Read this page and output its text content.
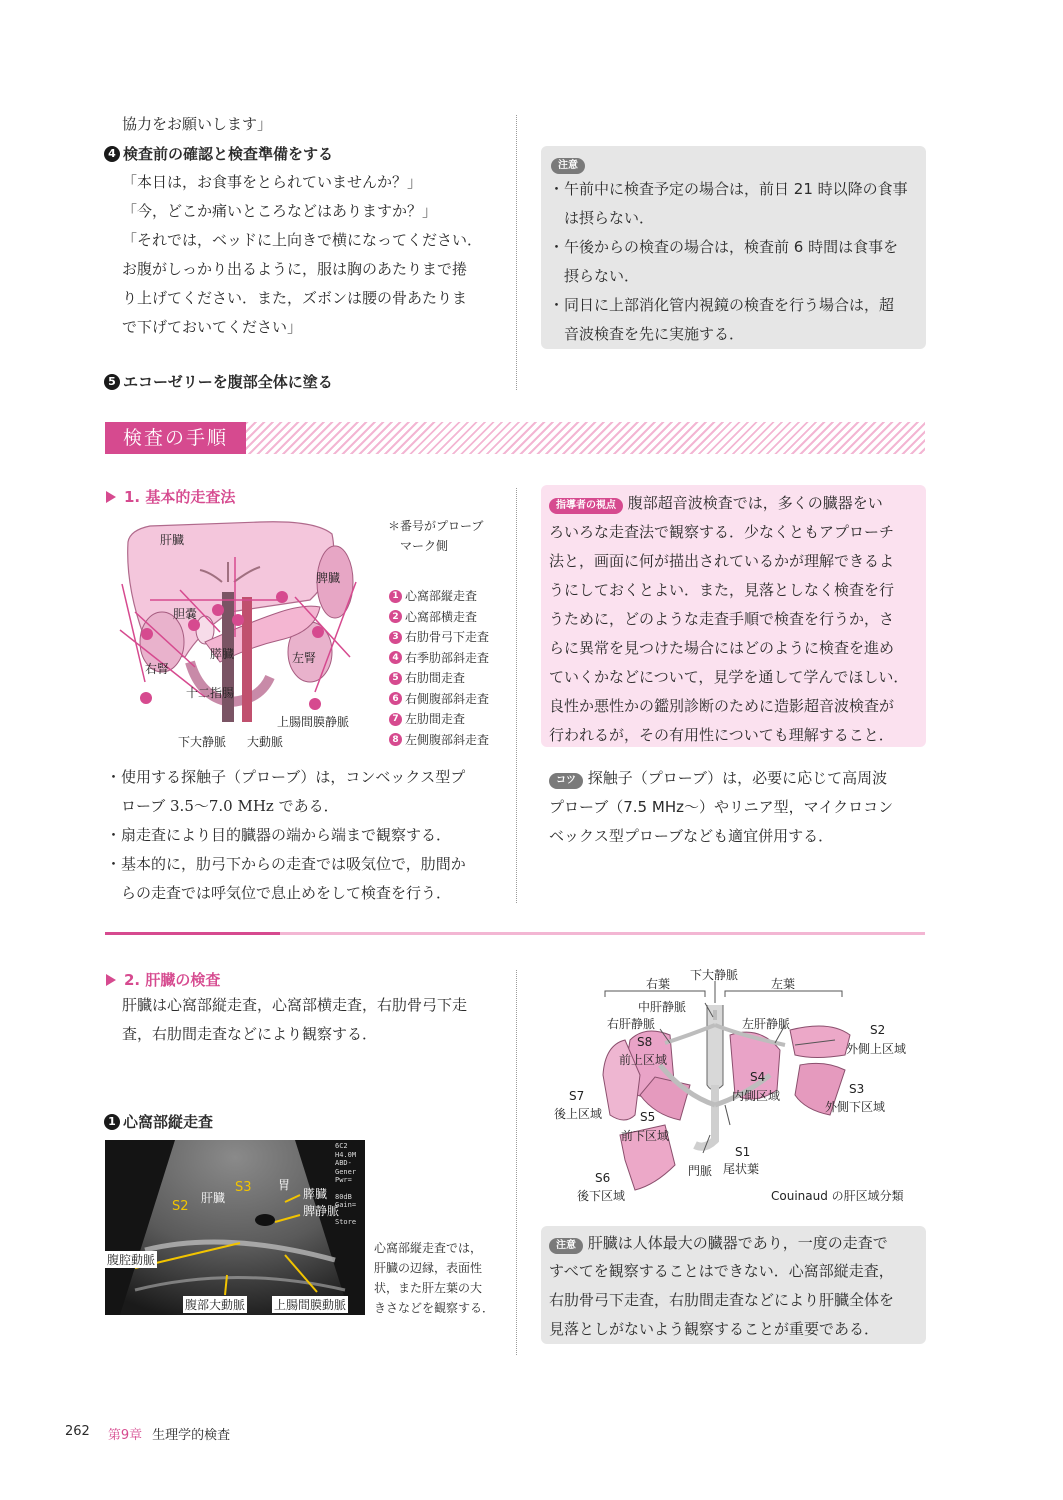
協力をお願いします」
4 検査前の確認と検査準備をする
「本日は，お食事をとられていませんか？」
「今，どこか痛いところなどはありますか？」
「それでは，ベッドに上向きで横になってください．
お腹がしっかり出るように，服は胸のあたりまで捲
り上げてください．また，ズボンは腰の骨あたりま
で下げておいてください」
5 エコーゼリーを腹部全体に塗る
注意
・午前中に検査予定の場合は，前日 21 時以降の食事
　は摂らない．
・午後からの検査の場合は，検査前 6 時間は食事を
　摂らない．
・同日に上部消化管内視鏡の検査を行う場合は，超
　音波検査を先に実施する．
検査の手順
1. 基本的走査法
肝臓
脾臓
胆嚢
膵臓
右腎
左腎
十二指腸
上腸間膜静脈
下大静脈 大動脈
＊番号がプローブ
　マーク側
1 心窩部縦走査
2 心窩部横走査
3 右肋骨弓下走査
4 右季肋部斜走査
5 右肋間走査
6 右側腹部斜走査
7 左肋間走査
8 左側腹部斜走査
・使用する探触子（プローブ）は，コンベックス型プ
　ローブ 3.5〜7.0 MHz である．
・扇走査により目的臓器の端から端まで観察する．
・基本的に，肋弓下からの走査では吸気位で，肋間か
　らの走査では呼気位で息止めをして検査を行う．
指導者の視点 腹部超音波検査では，多くの臓器をい
ろいろな走査法で観察する．少なくともアプローチ
法と，画面に何が描出されているかが理解できるよ
うにしておくとよい．また，見落としなく検査を行
うために，どのような走査手順で検査を行うか，さ
らに異常を見つけた場合にはどのように検査を進め
ていくかなどについて，見学を通して学んでほしい．
良性か悪性かの鑑別診断のために造影超音波検査が
行われるが，その有用性についても理解すること．
コツ 探触子（プローブ）は，必要に応じて高周波
プローブ（7.5 MHz〜）やリニア型，マイクロコン
ベックス型プローブなども適宜併用する．
2. 肝臓の検査
肝臓は心窩部縦走査，心窩部横走査，右肋骨弓下走
査，右肋間走査などにより観察する．
1 心窩部縦走査
肝臓
S3
S2
胃
膵臓
脾静脈
6C2
H4.0M
ABD-
Gener
Pwr=
80dB
Gain=
Store
腹腔動脈
腹部大動脈 上腸間膜動脈
心窩部縦走査では，
肝臓の辺縁，表面性
状，また肝左葉の大
きさなどを観察する．
右葉
下大静脈
左葉
中肝静脈
右肝静脈	左肝静脈
S8
前上区域
S2
外側上区域
S4
内側区域	S3
外側下区域
S7
後上区域	S5
前下区域
S1
尾状葉
門脈
S6
後下区域	Couinaud の肝区域分類
注意 肝臓は人体最大の臓器であり，一度の走査で
すべてを観察することはできない．心窩部縦走査，
右肋骨弓下走査，右肋間走査などにより肝臓全体を
見落としがないよう観察することが重要である．
262 第9章 生理学的検査
